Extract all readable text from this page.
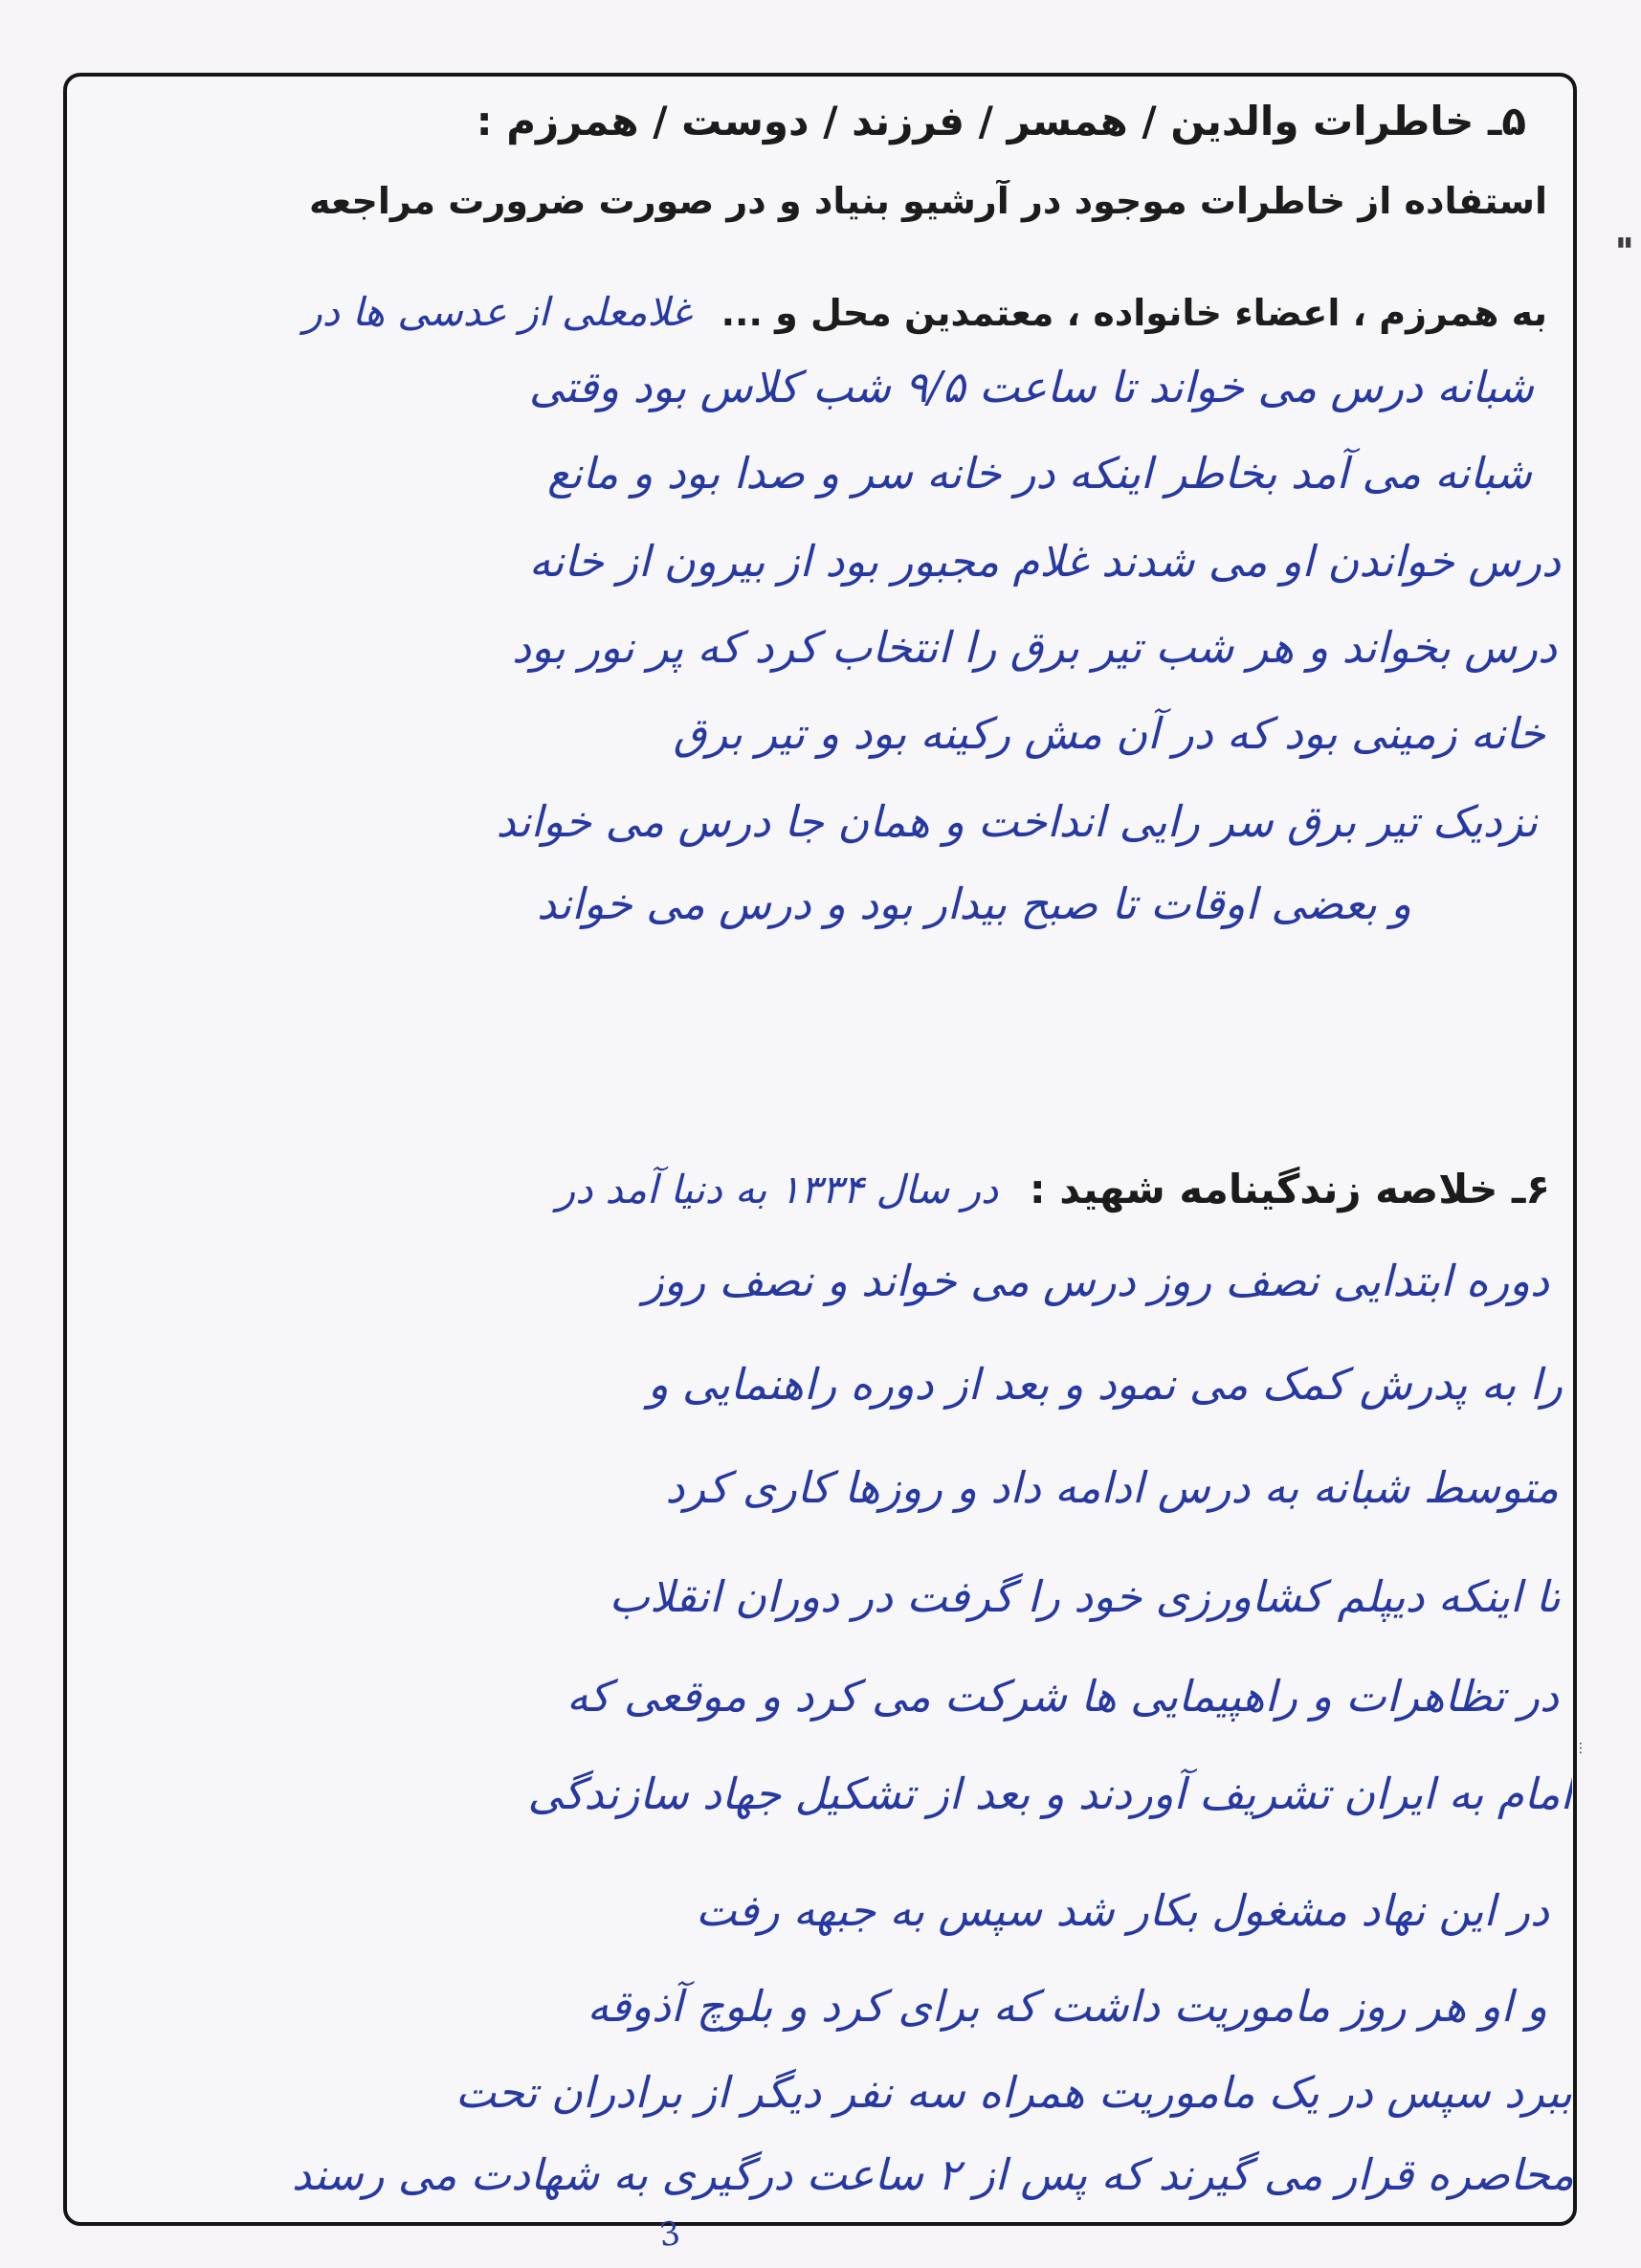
▮▮
⋮
۵ـ خاطرات والدین / همسر / فرزند / دوست / همرزم :
استفاده از خاطرات موجود در آرشیو بنیاد و در صورت ضرورت مراجعه
به همرزم ، اعضاء خانواده ، معتمدین محل و ... غلامعلی از عدسی ها در
شبانه درس می خواند تا ساعت ۹/۵ شب کلاس بود وقتی
شبانه می آمد بخاطر اینکه در خانه سر و صدا بود و مانع
درس خواندن او می شدند غلام مجبور بود از بیرون از خانه
درس بخواند و هر شب تیر برق را انتخاب کرد که پر نور بود
خانه زمینی بود که در آن مش رکینه بود و تیر برق
نزدیک تیر برق سر رایی انداخت و همان جا درس می خواند
و بعضی اوقات تا صبح بیدار بود و درس می خواند
۶ـ خلاصه زندگینامه شهید : در سال ۱۳۳۴ به دنیا آمد در
دوره ابتدایی نصف روز درس می خواند و نصف روز
را به پدرش کمک می نمود و بعد از دوره راهنمایی و
متوسط شبانه به درس ادامه داد و روزها کاری کرد
تا اینکه دیپلم کشاورزی خود را گرفت در دوران انقلاب
در تظاهرات و راهپیمایی ها شرکت می کرد و موقعی که
امام به ایران تشریف آوردند و بعد از تشکیل جهاد سازندگی
در این نهاد مشغول بکار شد سپس به جبهه رفت
و او هر روز ماموریت داشت که برای کرد و بلوچ آذوقه
ببرد سپس در یک ماموریت همراه سه نفر دیگر از برادران تحت
محاصره قرار می گیرند که پس از ۲ ساعت درگیری به شهادت می رسند
3
